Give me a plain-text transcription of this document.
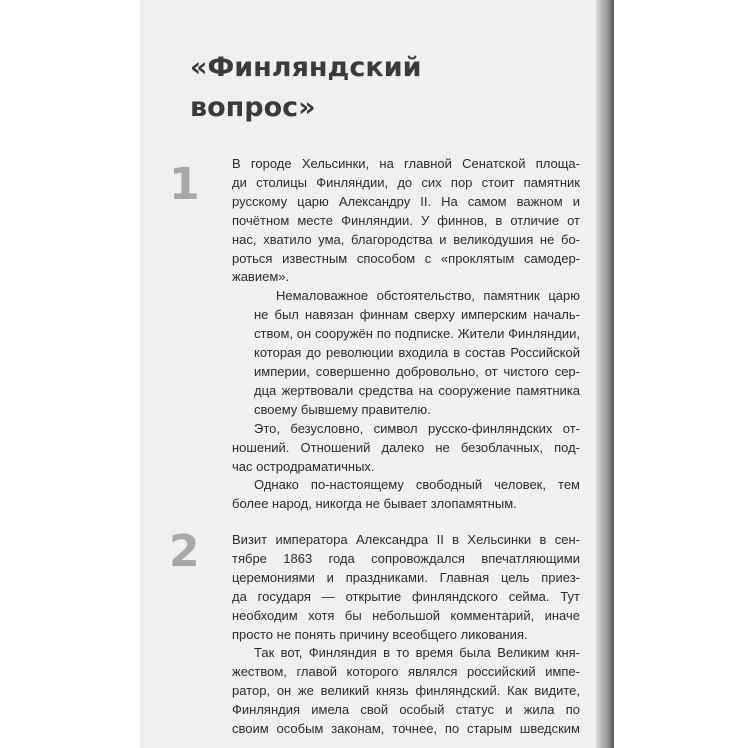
«Финляндский
вопрос»
1
2

В городе Хельсинки, на главной Сенатской площа-
ди столицы Финляндии, до сих пор стоит памятник
русскому царю Александру II. На самом важном и
почётном месте Финляндии. У финнов, в отличие от
нас, хватило ума, благородства и великодушия не бо-
роться известным способом с «проклятым самодер-
жавием».

Немаловажное обстоятельство, памятник царю
не был навязан финнам сверху имперским началь-
ством, он сооружён по подписке. Жители Финляндии,
которая до революции входила в состав Российской
империи, совершенно добровольно, от чистого сер-
дца жертвовали средства на сооружение памятника
своему бывшему правителю.

Это, безусловно, символ русско-финляндских от-
ношений. Отношений далеко не безоблачных, под-
час остродраматичных.

Однако по-настоящему свободный человек, тем
более народ, никогда не бывает злопамятным.

Визит императора Александра II в Хельсинки в сен-
тябре 1863 года сопровождался впечатляющими
церемониями и праздниками. Главная цель приез-
да государя — открытие финляндского сейма. Тут
необходим хотя бы небольшой комментарий, иначе
просто не понять причину всеобщего ликования.

Так вот, Финляндия в то время была Великим кня-
жеством, главой которого являлся российский импе-
ратор, он же великий князь финляндский. Как видите,
Финляндия имела свой особый статус и жила по
своим особым законам, точнее, по старым шведским
